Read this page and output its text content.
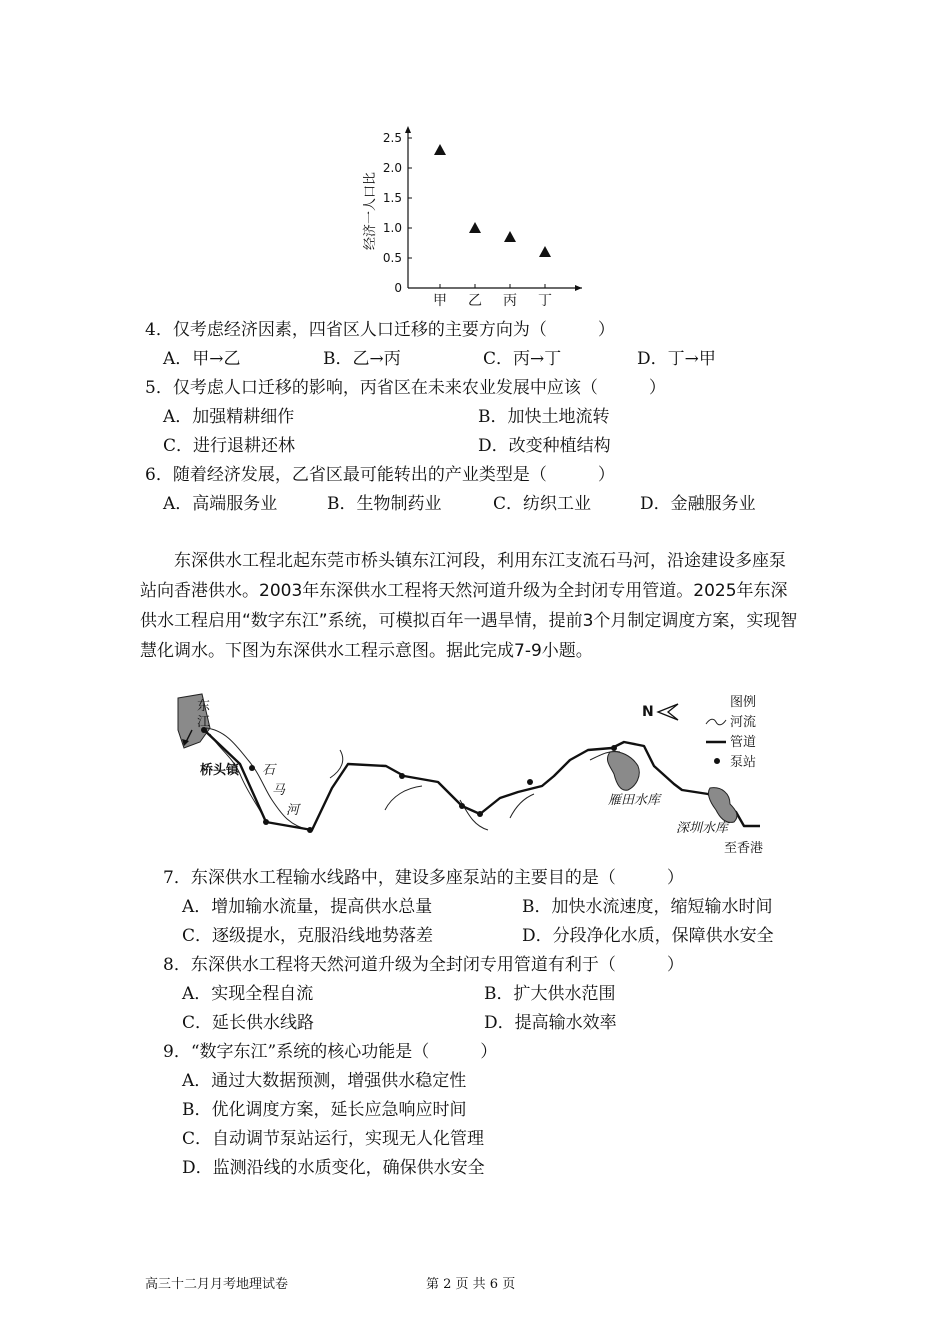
0
0.5
1.0
1.5
2.0
2.5
经济一人口比
甲 乙 丙 丁
4．仅考虑经济因素，四省区人口迁移的主要方向为（　　　）
A．甲→乙	B．乙→丙	C．丙→丁	D．丁→甲
5．仅考虑人口迁移的影响，丙省区在未来农业发展中应该（　　　）
A．加强精耕细作	B．加快土地流转
C．进行退耕还林	D．改变种植结构
6．随着经济发展，乙省区最可能转出的产业类型是（　　　）
A．高端服务业	B．生物制药业	C．纺织工业	D．金融服务业
东深供水工程北起东莞市桥头镇东江河段，利用东江支流石马河，沿途建设多座泵站向香港供水。2003年东深供水工程将天然河道升级为全封闭专用管道。2025年东深供水工程启用“数字东江”系统，可模拟百年一遇旱情，提前3个月制定调度方案，实现智慧化调水。下图为东深供水工程示意图。据此完成7-9小题。
东
江
桥头镇 石
马
河
雁田水库
深圳水库
至香港
N
图例
河流
管道
泵站
7．东深供水工程输水线路中，建设多座泵站的主要目的是（　　　）
A．增加输水流量，提高供水总量	B．加快水流速度，缩短输水时间
C．逐级提水，克服沿线地势落差	D．分段净化水质，保障供水安全
8．东深供水工程将天然河道升级为全封闭专用管道有利于（　　　）
A．实现全程自流	B．扩大供水范围
C．延长供水线路	D．提高输水效率
9．“数字东江”系统的核心功能是（　　　）
A．通过大数据预测，增强供水稳定性
B．优化调度方案，延长应急响应时间
C．自动调节泵站运行，实现无人化管理
D．监测沿线的水质变化，确保供水安全
高三十二月月考地理试卷	第 2 页 共 6 页
